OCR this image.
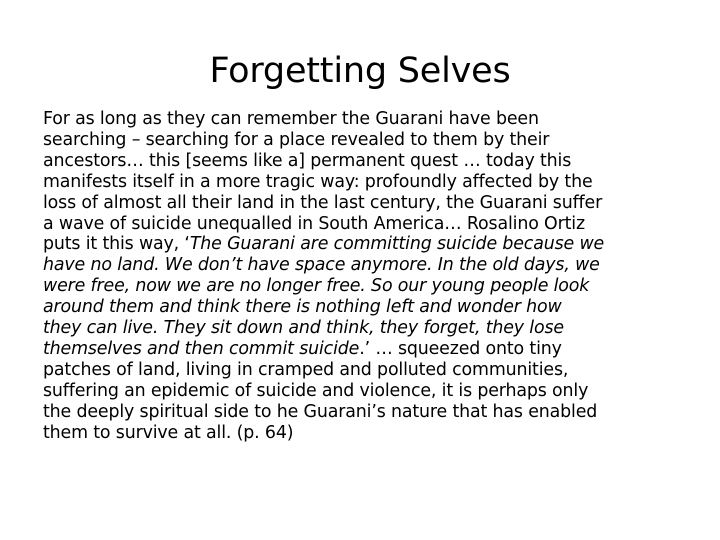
Forgetting Selves
For as long as they can remember the Guarani have been
searching – searching for a place revealed to them by their
ancestors… this [seems like a] permanent quest … today this
manifests itself in a more tragic way: profoundly affected by the
loss of almost all their land in the last century, the Guarani suffer
a wave of suicide unequalled in South America… Rosalino Ortiz
puts it this way, ‘The Guarani are committing suicide because we
have no land. We don’t have space anymore. In the old days, we
were free, now we are no longer free. So our young people look
around them and think there is nothing left and wonder how
they can live. They sit down and think, they forget, they lose
themselves and then commit suicide.’ … squeezed onto tiny
patches of land, living in cramped and polluted communities,
suffering an epidemic of suicide and violence, it is perhaps only
the deeply spiritual side to he Guarani’s nature that has enabled
them to survive at all. (p. 64)
